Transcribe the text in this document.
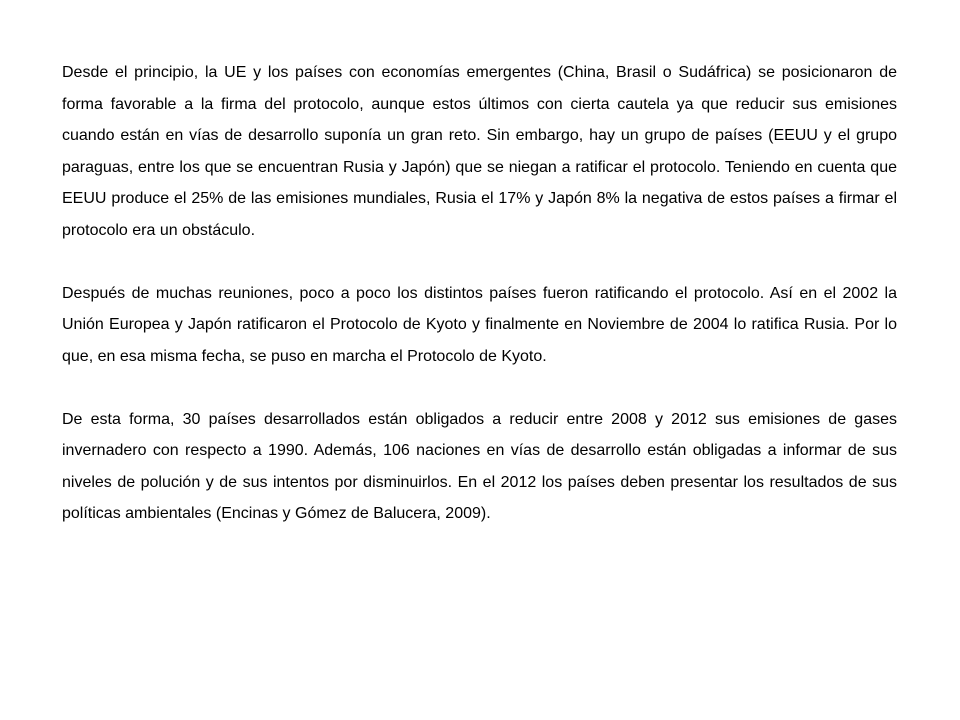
Desde el principio, la UE y los países con economías emergentes (China, Brasil o Sudáfrica) se posicionaron de forma favorable a la firma del protocolo, aunque estos últimos con cierta cautela ya que reducir sus emisiones cuando están en vías de desarrollo suponía un gran reto. Sin embargo, hay un grupo de países (EEUU y el grupo paraguas, entre los que se encuentran Rusia y Japón) que se niegan a ratificar el protocolo. Teniendo en cuenta que EEUU produce el 25% de las emisiones mundiales, Rusia el 17% y Japón 8% la negativa de estos países a firmar el protocolo era un obstáculo.

Después de muchas reuniones, poco a poco los distintos países fueron ratificando el protocolo. Así en el 2002 la Unión Europea y Japón ratificaron el Protocolo de Kyoto y finalmente en Noviembre de 2004 lo ratifica Rusia. Por lo que, en esa misma fecha, se puso en marcha el Protocolo de Kyoto.

De esta forma, 30 países desarrollados están obligados a reducir entre 2008 y 2012 sus emisiones de gases invernadero con respecto a 1990. Además, 106 naciones en vías de desarrollo están obligadas a informar de sus niveles de polución y de sus intentos por disminuirlos. En el 2012 los países deben presentar los resultados de sus políticas ambientales (Encinas y Gómez de Balucera, 2009).
